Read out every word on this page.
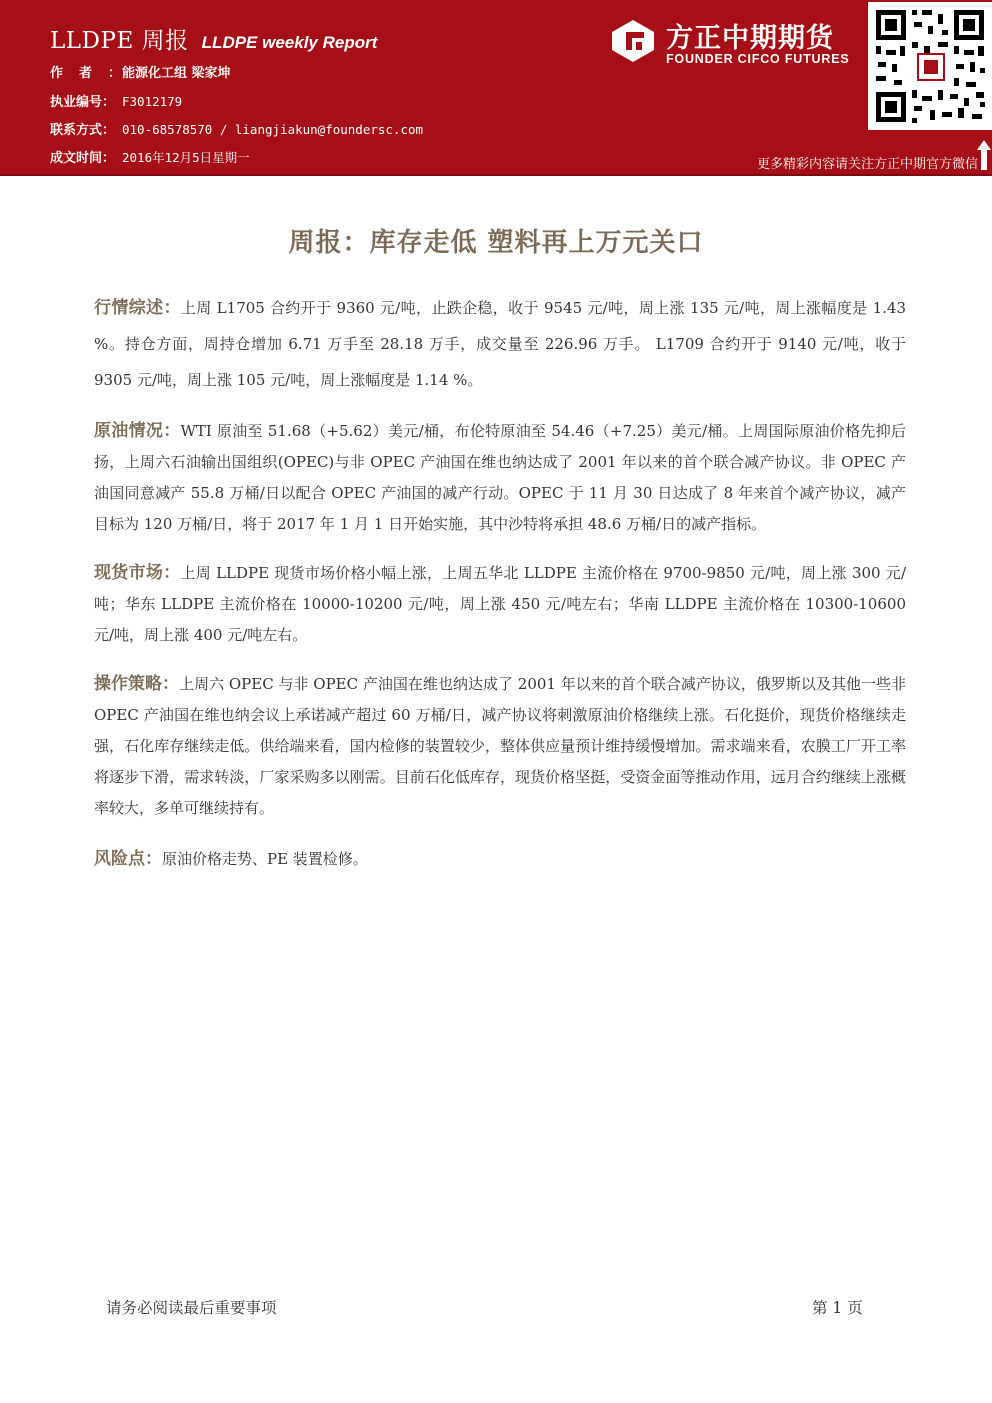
LLDPE 周报 LLDPE weekly Report
作者：能源化工组 梁家坤
执业编号： F3012179
联系方式： 010-68578570 / liangjiakun@foundersc.com
成文时间： 2016年12月5日星期一
方正中期期货
FOUNDER CIFCO FUTURES
更多精彩内容请关注方正中期官方微信
周报：库存走低 塑料再上万元关口

行情综述：上周 L1705 合约开于 9360 元/吨，止跌企稳，收于 9545 元/吨，周上涨 135 元/吨，周上涨幅度是 1.43 %。持仓方面，周持仓增加 6.71 万手至 28.18 万手，成交量至 226.96 万手。 L1709 合约开于 9140 元/吨，收于 9305 元/吨，周上涨 105 元/吨，周上涨幅度是 1.14 %。

原油情况：WTI 原油至 51.68（+5.62）美元/桶，布伦特原油至 54.46（+7.25）美元/桶。上周国际原油价格先抑后扬，上周六石油输出国组织(OPEC)与非 OPEC 产油国在维也纳达成了 2001 年以来的首个联合减产协议。非 OPEC 产油国同意减产 55.8 万桶/日以配合 OPEC 产油国的减产行动。OPEC 于 11 月 30 日达成了 8 年来首个减产协议，减产目标为 120 万桶/日，将于 2017 年 1 月 1 日开始实施，其中沙特将承担 48.6 万桶/日的减产指标。

现货市场：上周 LLDPE 现货市场价格小幅上涨，上周五华北 LLDPE 主流价格在 9700-9850 元/吨，周上涨 300 元/吨；华东 LLDPE 主流价格在 10000-10200 元/吨，周上涨 450 元/吨左右；华南 LLDPE 主流价格在 10300-10600 元/吨，周上涨 400 元/吨左右。

操作策略：上周六 OPEC 与非 OPEC 产油国在维也纳达成了 2001 年以来的首个联合减产协议，俄罗斯以及其他一些非 OPEC 产油国在维也纳会议上承诺减产超过 60 万桶/日，减产协议将刺激原油价格继续上涨。石化挺价，现货价格继续走强，石化库存继续走低。供给端来看，国内检修的装置较少，整体供应量预计维持缓慢增加。需求端来看，农膜工厂开工率将逐步下滑，需求转淡，厂家采购多以刚需。目前石化低库存，现货价格坚挺，受资金面等推动作用，远月合约继续上涨概率较大，多单可继续持有。

风险点：原油价格走势、PE 装置检修。

请务必阅读最后重要事项	第 1 页
